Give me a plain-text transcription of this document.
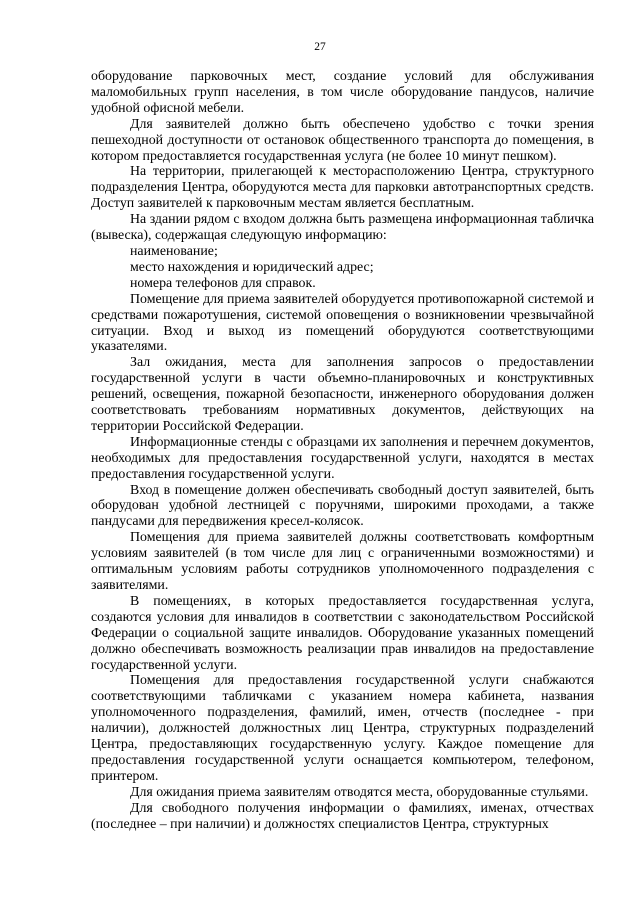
27

оборудование парковочных мест, создание условий для обслуживания маломобильных групп населения, в том числе оборудование пандусов, наличие удобной офисной мебели.

Для заявителей должно быть обеспечено удобство с точки зрения пешеходной доступности от остановок общественного транспорта до помещения, в котором предоставляется государственная услуга (не более 10 минут пешком).

На территории, прилегающей к месторасположению Центра, структурного подразделения Центра, оборудуются места для парковки автотранспортных средств. Доступ заявителей к парковочным местам является бесплатным.

На здании рядом с входом должна быть размещена информационная табличка (вывеска), содержащая следующую информацию:

наименование;

место нахождения и юридический адрес;

номера телефонов для справок.

Помещение для приема заявителей оборудуется противопожарной системой и средствами пожаротушения, системой оповещения о возникновении чрезвычайной ситуации. Вход и выход из помещений оборудуются соответствующими указателями.

Зал ожидания, места для заполнения запросов о предоставлении государственной услуги в части объемно-планировочных и конструктивных решений, освещения, пожарной безопасности, инженерного оборудования должен соответствовать требованиям нормативных документов, действующих на территории Российской Федерации.

Информационные стенды с образцами их заполнения и перечнем документов, необходимых для предоставления государственной услуги, находятся в местах предоставления государственной услуги.

Вход в помещение должен обеспечивать свободный доступ заявителей, быть оборудован удобной лестницей с поручнями, широкими проходами, а также пандусами для передвижения кресел-колясок.

Помещения для приема заявителей должны соответствовать комфортным условиям заявителей (в том числе для лиц с ограниченными возможностями) и оптимальным условиям работы сотрудников уполномоченного подразделения с заявителями.

В помещениях, в которых предоставляется государственная услуга, создаются условия для инвалидов в соответствии с законодательством Российской Федерации о социальной защите инвалидов. Оборудование указанных помещений должно обеспечивать возможность реализации прав инвалидов на предоставление государственной услуги.

Помещения для предоставления государственной услуги снабжаются соответствующими табличками с указанием номера кабинета, названия уполномоченного подразделения, фамилий, имен, отчеств (последнее - при наличии), должностей должностных лиц Центра, структурных подразделений Центра, предоставляющих государственную услугу. Каждое помещение для предоставления государственной услуги оснащается компьютером, телефоном, принтером.

Для ожидания приема заявителям отводятся места, оборудованные стульями.

Для свободного получения информации о фамилиях, именах, отчествах (последнее – при наличии) и должностях специалистов Центра, структурных
